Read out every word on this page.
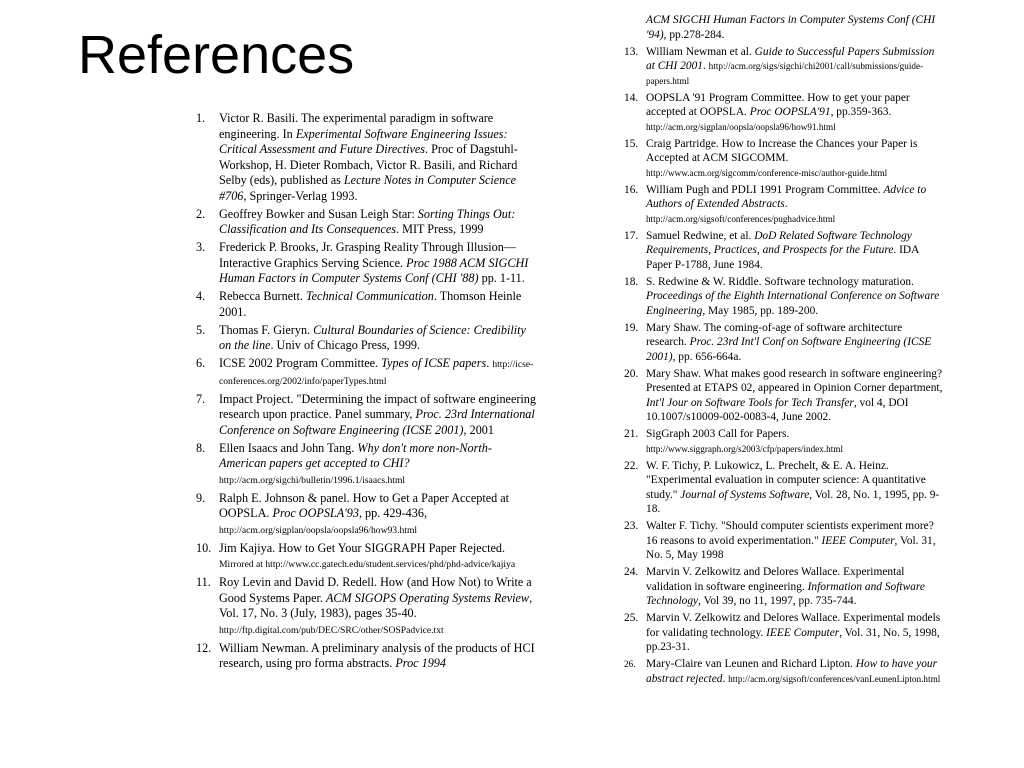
References
1. Victor R. Basili. The experimental paradigm in software engineering. In Experimental Software Engineering Issues: Critical Assessment and Future Directives. Proc of Dagstuhl-Workshop, H. Dieter Rombach, Victor R. Basili, and Richard Selby (eds), published as Lecture Notes in Computer Science #706, Springer-Verlag 1993.
2. Geoffrey Bowker and Susan Leigh Star: Sorting Things Out: Classification and Its Consequences. MIT Press, 1999
3. Frederick P. Brooks, Jr. Grasping Reality Through Illusion—Interactive Graphics Serving Science. Proc 1988 ACM SIGCHI Human Factors in Computer Systems Conf (CHI '88) pp. 1-11.
4. Rebecca Burnett. Technical Communication. Thomson Heinle 2001.
5. Thomas F. Gieryn. Cultural Boundaries of Science: Credibility on the line. Univ of Chicago Press, 1999.
6. ICSE 2002 Program Committee. Types of ICSE papers. http://icse-conferences.org/2002/info/paperTypes.html
7. Impact Project. "Determining the impact of software engineering research upon practice. Panel summary, Proc. 23rd International Conference on Software Engineering (ICSE 2001), 2001
8. Ellen Isaacs and John Tang. Why don't more non-North-American papers get accepted to CHI? http://acm.org/sigchi/bulletin/1996.1/isaacs.html
9. Ralph E. Johnson & panel. How to Get a Paper Accepted at OOPSLA. Proc OOPSLA'93, pp. 429-436, http://acm.org/sigplan/oopsla/oopsla96/how93.html
10. Jim Kajiya. How to Get Your SIGGRAPH Paper Rejected. Mirrored at http://www.cc.gatech.edu/student.services/phd/phd-advice/kajiya
11. Roy Levin and David D. Redell. How (and How Not) to Write a Good Systems Paper. ACM SIGOPS Operating Systems Review, Vol. 17, No. 3 (July, 1983), pages 35-40. http://ftp.digital.com/pub/DEC/SRC/other/SOSPadvice.txt
12. William Newman. A preliminary analysis of the products of HCI research, using pro forma abstracts. Proc 1994
ACM SIGCHI Human Factors in Computer Systems Conf (CHI '94), pp.278-284.
13. William Newman et al. Guide to Successful Papers Submission at CHI 2001. http://acm.org/sigs/sigchi/chi2001/call/submissions/guide-papers.html
14. OOPSLA '91 Program Committee. How to get your paper accepted at OOPSLA. Proc OOPSLA'91, pp.359-363. http://acm.org/sigplan/oopsla/oopsla96/how91.html
15. Craig Partridge. How to Increase the Chances your Paper is Accepted at ACM SIGCOMM. http://www.acm.org/sigcomm/conference-misc/author-guide.html
16. William Pugh and PDLI 1991 Program Committee. Advice to Authors of Extended Abstracts. http://acm.org/sigsoft/conferences/pughadvice.html
17. Samuel Redwine, et al. DoD Related Software Technology Requirements, Practices, and Prospects for the Future. IDA Paper P-1788, June 1984.
18. S. Redwine & W. Riddle. Software technology maturation. Proceedings of the Eighth International Conference on Software Engineering, May 1985, pp. 189-200.
19. Mary Shaw. The coming-of-age of software architecture research. Proc. 23rd Int'l Conf on Software Engineering (ICSE 2001), pp. 656-664a.
20. Mary Shaw. What makes good research in software engineering? Presented at ETAPS 02, appeared in Opinion Corner department, Int'l Jour on Software Tools for Tech Transfer, vol 4, DOI 10.1007/s10009-002-0083-4, June 2002.
21. SigGraph 2003 Call for Papers. http://www.siggraph.org/s2003/cfp/papers/index.html
22. W. F. Tichy, P. Lukowicz, L. Prechelt, & E. A. Heinz. "Experimental evaluation in computer science: A quantitative study." Journal of Systems Software, Vol. 28, No. 1, 1995, pp. 9-18.
23. Walter F. Tichy. "Should computer scientists experiment more? 16 reasons to avoid experimentation." IEEE Computer, Vol. 31, No. 5, May 1998
24. Marvin V. Zelkowitz and Delores Wallace. Experimental validation in software engineering. Information and Software Technology, Vol 39, no 11, 1997, pp. 735-744.
25. Marvin V. Zelkowitz and Delores Wallace. Experimental models for validating technology. IEEE Computer, Vol. 31, No. 5, 1998, pp.23-31.
26. Mary-Claire van Leunen and Richard Lipton. How to have your abstract rejected. http://acm.org/sigsoft/conferences/vanLeunenLipton.html
